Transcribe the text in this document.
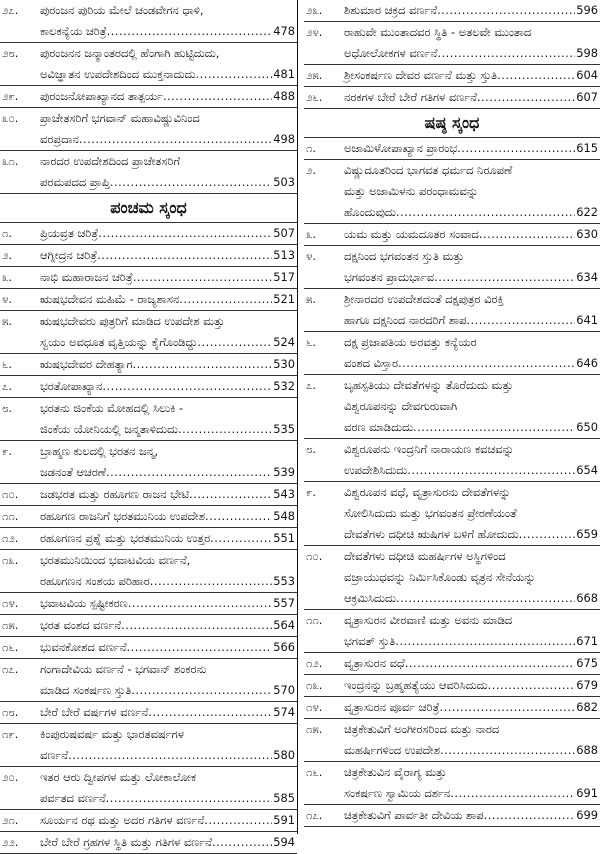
೨೭.	ಪುರಂಜನ ಪುರಿಯ ಮೇಲೆ ಚಂಡವೇಗನ ಧಾಳಿ,
ಕಾಲಕನ್ಯೆಯ ಚರಿತ್ರೆ .....	478
೨೮.	ಪುರಂಜನನ ಜನ್ಮಾಂತರದಲ್ಲಿ ಹೆಂಗಾಗಿ ಹುಟ್ಟಿದುದು,
ಅವಿಜ್ಞಾತನ ಉಪದೇಶದಿಂದ ಮುಕ್ತನಾದುದು .....	481
೨೯.	ಪುರಂಜನೋಪಾಖ್ಯಾನದ ತಾತ್ಪರ್ಯ .....	488
೩೦.	ಪ್ರಾಚೇತಸರಿಗೆ ಭಗವಾನ್ ಮಹಾವಿಷ್ಣುವಿನಿಂದ
ವರಪ್ರದಾನ .....	498
೩೧.	ನಾರದರ ಉಪದೇಶದಿಂದ ಪ್ರಾಚೇತಸರಿಗೆ
ಪರಮಪದದ ಪ್ರಾಪ್ತಿ .....	503
ಪಂಚಮ ಸ್ಕಂಧ
೧.	ಪ್ರಿಯವ್ರತ ಚರಿತ್ರೆ .....	507
೨.	ಆಗ್ನೀದ್ರನ ಚರಿತ್ರೆ .....	513
೩.	ನಾಭಿ ಮಹಾರಾಜನ ಚರಿತ್ರೆ .....	517
೪.	ಋಷಭದೇವನ ಮಹಿಮೆ - ರಾಜ್ಯಶಾಸನ .....	521
೫.	ಋಷಭದೇವರು ಪುತ್ರರಿಗೆ ಮಾಡಿದ ಉಪದೇಶ ಮತ್ತು
ಸ್ವಯಂ ಅವಧೂತ ವೃತ್ತಿಯನ್ನು ಕೈಗೊಂಡಿದ್ದು .....	524
೬.	ಋಷಭದೇವರ ದೇಹತ್ಯಾಗ .....	530
೭.	ಭರತೋಪಾಖ್ಯಾನ .....	532
೮.	ಭರತನು ಜಿಂಕೆಯ ಮೋಹದಲ್ಲಿ ಸಿಲುಕಿ -
ಜಿಂಕೆಯ ಯೋನಿಯಲ್ಲಿ ಜನ್ಮತಾಳಿದುದು .....	535
೯.	ಬ್ರಾಹ್ಮಣ ಕುಲದಲ್ಲಿ ಭರತನ ಜನ್ಮ,
ಜಡನಂತೆ ಆಚರಣೆ .....	539
೧೦.	ಜಡಭರತ ಮತ್ತು ರಹೂಗಣ ರಾಜನ ಭೇಟಿ .....	543
೧೧.	ರಹೂಗಣ ರಾಜನಿಗೆ ಭರತಮುನಿಯ ಉಪದೇಶ .....	548
೧೨.	ರಹೂಗಣನ ಪ್ರಶ್ನೆ ಮತ್ತು ಭರತಮುನಿಯ ಉತ್ತರ .....	551
೧೩.	ಭರತಮುನಿಯಿಂದ ಭವಾಟವಿಯ ವರ್ಣನೆ,
ರಹೂಗಣನ ಸಂಶಯ ಪರಿಹಾರ .....	553
೧೪.	ಭವಾಟವಿಯ ಸ್ಪಷ್ಟೀಕರಣ .....	557
೧೫.	ಭರತ ವಂಶದ ವರ್ಣನೆ .....	564
೧೬.	ಭುವನಕೋಶದ ವರ್ಣನೆ .....	566
೧೭.	ಗಂಗಾದೇವಿಯ ವರ್ಣನೆ - ಭಗವಾನ್ ಶಂಕರನು
ಮಾಡಿದ ಸಂಕರ್ಷಣ ಸ್ತುತಿ .....	570
೧೮.	ಬೇರೆ ಬೇರೆ ವರ್ಷಗಳ ವರ್ಣನೆ .....	574
೧೯.	ಕಿಂಪುರುಷವರ್ಷ ಮತ್ತು ಭಾರತವರ್ಷಗಳ
ವರ್ಣನೆ .....	580
೨೦.	ಇತರ ಆರು ದ್ವೀಪಗಳ ಮತ್ತು ಲೋಕಾಲೋಕ
ಪರ್ವತದ ವರ್ಣನೆ .....	585
೨೧.	ಸೂರ್ಯನ ರಥ ಮತ್ತು ಅದರ ಗತಿಗಳ ವರ್ಣನೆ .....	591
೨೨.	ಬೇರೆ ಬೇರೆ ಗ್ರಹಗಳ ಸ್ಥಿತಿ ಮತ್ತು ಗತಿಗಳ ವರ್ಣನೆ .....	594
೨೩.	ಶಿಶುಮಾರ ಚಕ್ರದ ವರ್ಣನೆ .....	596
೨೪.	ರಾಹುವೇ ಮುಂತಾದವರ ಸ್ಥಿತಿ - ಅತಲವೇ ಮುಂತಾದ
ಅಧೋಲೋಕಗಳ ವರ್ಣನೆ .....	598
೨೫.	ಶ್ರೀಸಂಕರ್ಷಣ ದೇವರ ವರ್ಣನೆ ಮತ್ತು ಸ್ತುತಿ .....	604
೨೬.	ನರಕಗಳ ಬೇರೆ ಬೇರೆ ಗತಿಗಳ ವರ್ಣನೆ .....	607
ಷಷ್ಠ ಸ್ಕಂಧ
೧.	ಅಜಾಮಿಳೋಪಾಖ್ಯಾನ ಪ್ರಾರಂಭ .....	615
೨.	ವಿಷ್ಣುದೂತರಿಂದ ಭಾಗವತ ಧರ್ಮದ ನಿರೂಪಣೆ
ಮತ್ತು ಅಜಾಮಿಳನು ಪರಂಧಾಮವನ್ನು
ಹೊಂದುವುದು .....	622
೩.	ಯಮ ಮತ್ತು ಯಮದೂತರ ಸಂವಾದ .....	630
೪.	ದಕ್ಷನಿಂದ ಭಗವಂತನ ಸ್ತುತಿ ಮತ್ತು
ಭಗವಂತನ ಪ್ರಾದುರ್ಭಾವ .....	634
೫.	ಶ್ರೀನಾರದರ ಉಪದೇಶದಂತೆ ದಕ್ಷಪುತ್ರರ ವಿರಕ್ತಿ
ಹಾಗೂ ದಕ್ಷನಿಂದ ನಾರದರಿಗೆ ಶಾಪ .....	641
೬.	ದಕ್ಷ ಪ್ರಜಾಪತಿಯ ಅರವತ್ತು ಕನ್ಯೆಯರ
ವಂಶದ ವಿಸ್ತಾರ .....	646
೭.	ಬೃಹಸ್ಪತಿಯು ದೇವತೆಗಳನ್ನು ತೊರೆದುದು ಮತ್ತು
ವಿಶ್ವರೂಪನನ್ನು ದೇವಗುರುವಾಗಿ
ವರಣ ಮಾಡಿದುದು .....	650
೮.	ವಿಶ್ವರೂಪನು ಇಂದ್ರನಿಗೆ ನಾರಾಯಣ ಕವಚವನ್ನು
ಉಪದೇಶಿಸಿದುದು .....	654
೯.	ವಿಶ್ವರೂಪನ ವಧೆ, ವೃತ್ರಾಸುರನು ದೇವತೆಗಳನ್ನು
ಸೋಲಿಸಿದುದು ಮತ್ತು ಭಗವಂತನ ಪ್ರೇರಣೆಯಂತೆ
ದೇವತೆಗಳು ದಧೀಚಿ ಋಷಿಗಳ ಬಳಿಗೆ ಹೋದುದು .....	659
೧೦.	ದೇವತೆಗಳು ದಧೀಚಿ ಮಹರ್ಷಿಗಳ ಅಸ್ಥಿಗಳಿಂದ
ವಜ್ರಾಯುಧವನ್ನು ನಿರ್ಮಿಸಿಕೊಂಡು ವೃತ್ರನ ಸೇನೆಯನ್ನು
ಆಕ್ರಮಿಸಿದುದು .....	668
೧೧.	ವೃತ್ರಾಸುರನ ವೀರವಾಣಿ ಮತ್ತು ಅವನು ಮಾಡಿದ
ಭಗವತ್ ಸ್ತುತಿ .....	671
೧೨.	ವೃತ್ರಾಸುರನ ವಧೆ .....	675
೧೩.	ಇಂದ್ರನನ್ನು ಬ್ರಹ್ಮಹತ್ಯೆಯು ಆವರಿಸಿದುದು .....	679
೧೪.	ವೃತ್ರಾಸುರನ ಪೂರ್ವ ಚರಿತ್ರೆ .....	682
೧೫.	ಚಿತ್ರಕೇತುವಿಗೆ ಅಂಗೀರಸರಿಂದ ಮತ್ತು ನಾರದ
ಮಹರ್ಷಿಗಳಿಂದ ಉಪದೇಶ .....	688
೧೬.	ಚಿತ್ರಕೇತುವಿನ ವೈರಾಗ್ಯ ಮತ್ತು
ಸಂಕರ್ಷಣ ಸ್ವಾಮಿಯ ದರ್ಶನ .....	691
೧೭.	ಚಿತ್ರಕೇತುವಿಗೆ ಪಾರ್ವತೀ ದೇವಿಯ ಶಾಪ .....	699
